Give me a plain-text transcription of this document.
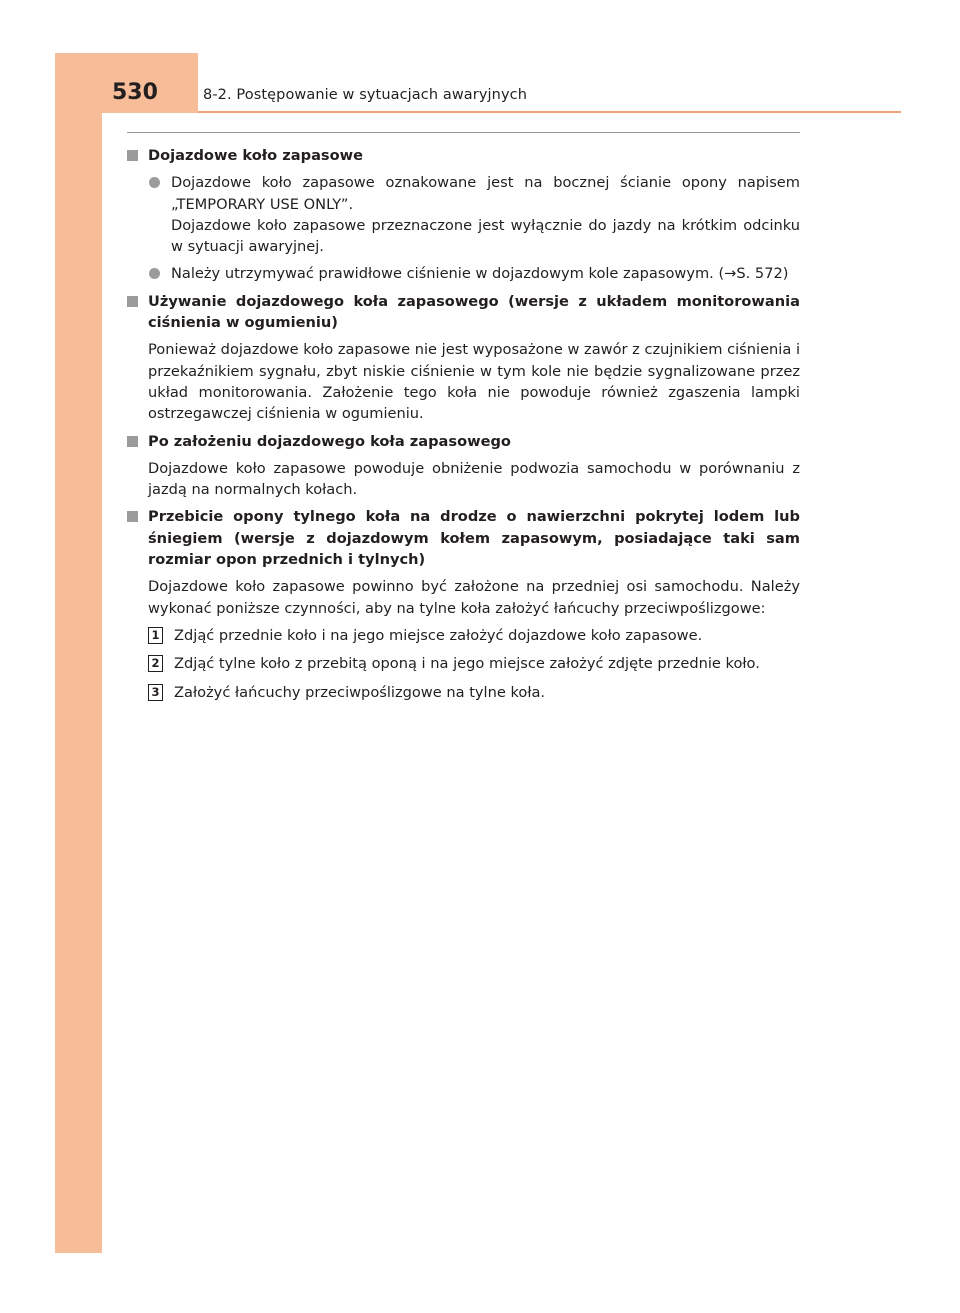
530	8-2. Postępowanie w sytuacjach awaryjnych
Dojazdowe koło zapasowe
Dojazdowe koło zapasowe oznakowane jest na bocznej ścianie opony napisem „TEMPORARY USE ONLY”.
Dojazdowe koło zapasowe przeznaczone jest wyłącznie do jazdy na krótkim odcinku w sytuacji awaryjnej.
Należy utrzymywać prawidłowe ciśnienie w dojazdowym kole zapasowym. (→S. 572)
Używanie dojazdowego koła zapasowego (wersje z układem monitorowania ciśnienia w ogumieniu)
Ponieważ dojazdowe koło zapasowe nie jest wyposażone w zawór z czujnikiem ciśnienia i przekaźnikiem sygnału, zbyt niskie ciśnienie w tym kole nie będzie sygnalizowane przez układ monitorowania. Założenie tego koła nie powoduje również zgaszenia lampki ostrzegawczej ciśnienia w ogumieniu.
Po założeniu dojazdowego koła zapasowego
Dojazdowe koło zapasowe powoduje obniżenie podwozia samochodu w porównaniu z jazdą na normalnych kołach.
Przebicie opony tylnego koła na drodze o nawierzchni pokrytej lodem lub śniegiem (wersje z dojazdowym kołem zapasowym, posiadające taki sam rozmiar opon przednich i tylnych)
Dojazdowe koło zapasowe powinno być założone na przedniej osi samochodu. Należy wykonać poniższe czynności, aby na tylne koła założyć łańcuchy przeciwpoślizgowe:
1 Zdjąć przednie koło i na jego miejsce założyć dojazdowe koło zapasowe.
2 Zdjąć tylne koło z przebitą oponą i na jego miejsce założyć zdjęte przednie koło.
3 Założyć łańcuchy przeciwpoślizgowe na tylne koła.
